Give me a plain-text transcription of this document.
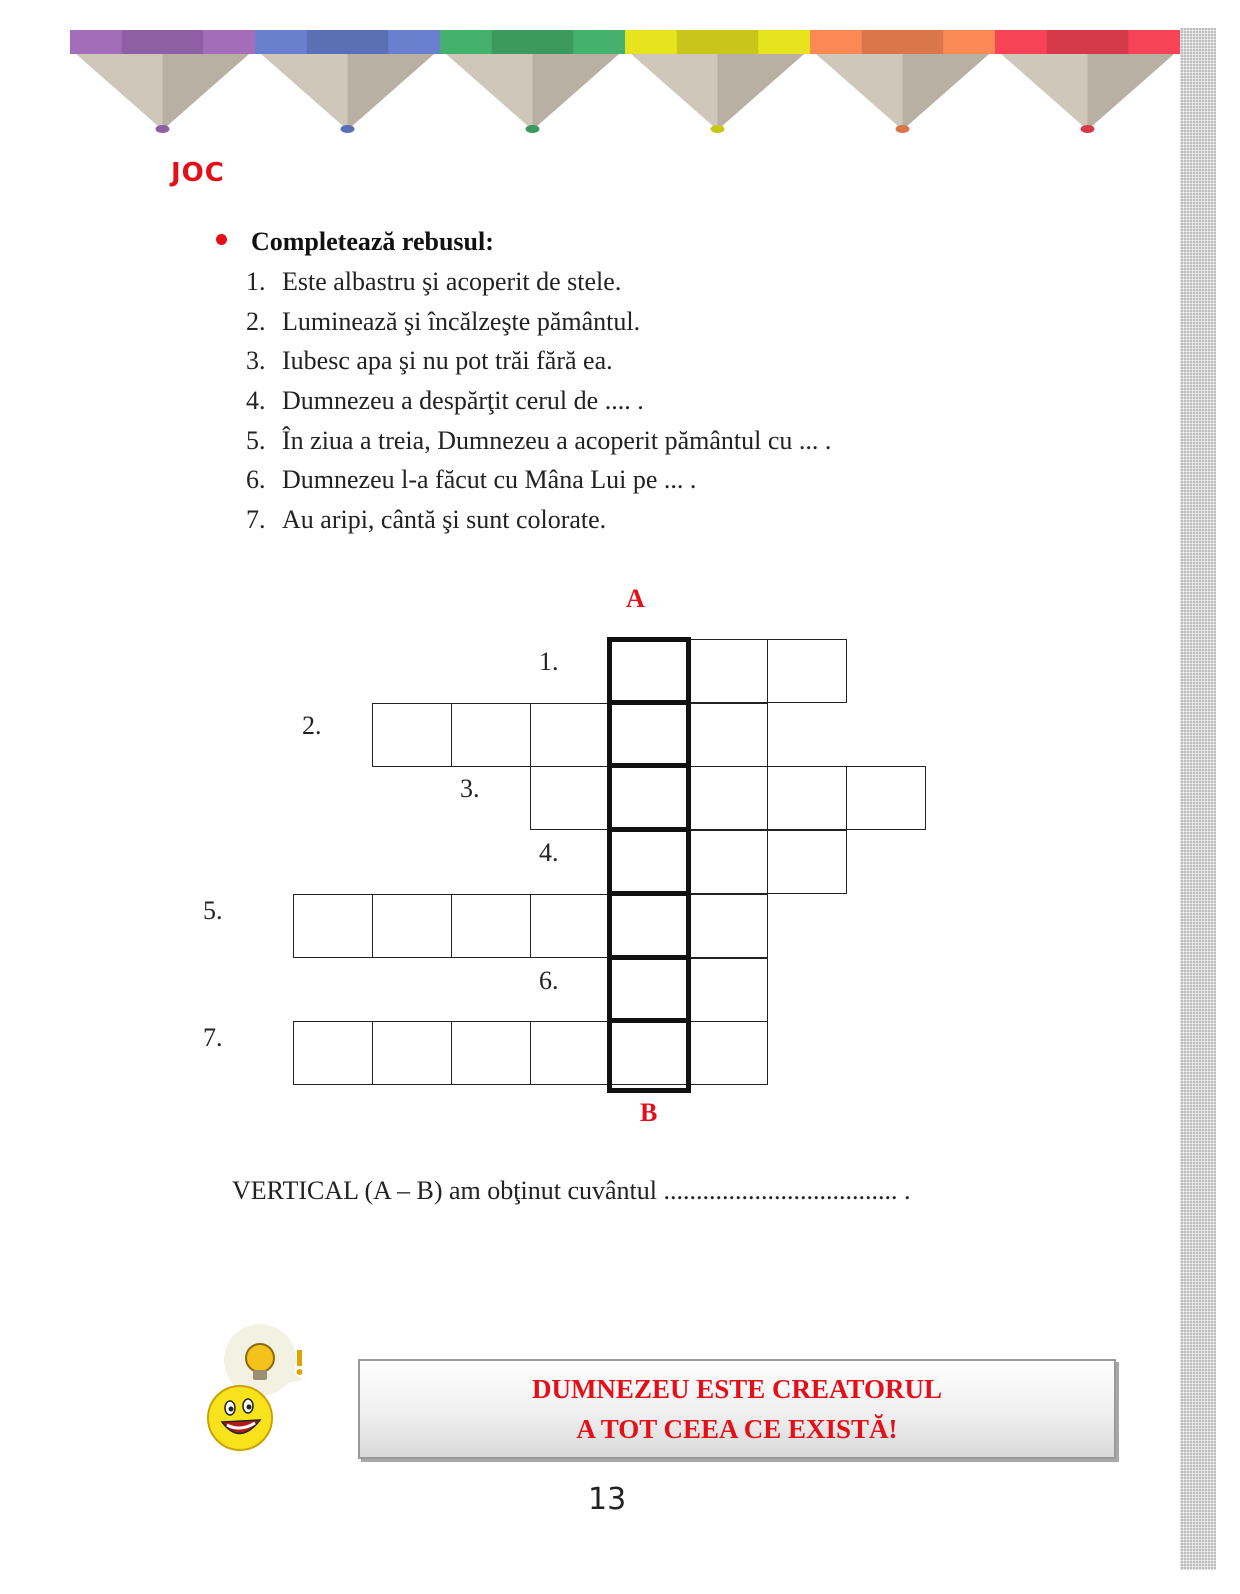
JOC
Completează rebusul:
1. Este albastru şi acoperit de stele.
2. Luminează şi încălzeşte pământul.
3. Iubesc apa şi nu pot trăi fără ea.
4. Dumnezeu a despărţit cerul de .... .
5. În ziua a treia, Dumnezeu a acoperit pământul cu ... .
6. Dumnezeu l-a făcut cu Mâna Lui pe ... .
7. Au aripi, cântă şi sunt colorate.
A
B
1.
2.
3.
4.
5.
6.
7.
VERTICAL (A – B) am obţinut cuvântul .................................... .
DUMNEZEU ESTE CREATORUL
A TOT CEEA CE EXISTĂ!
13
